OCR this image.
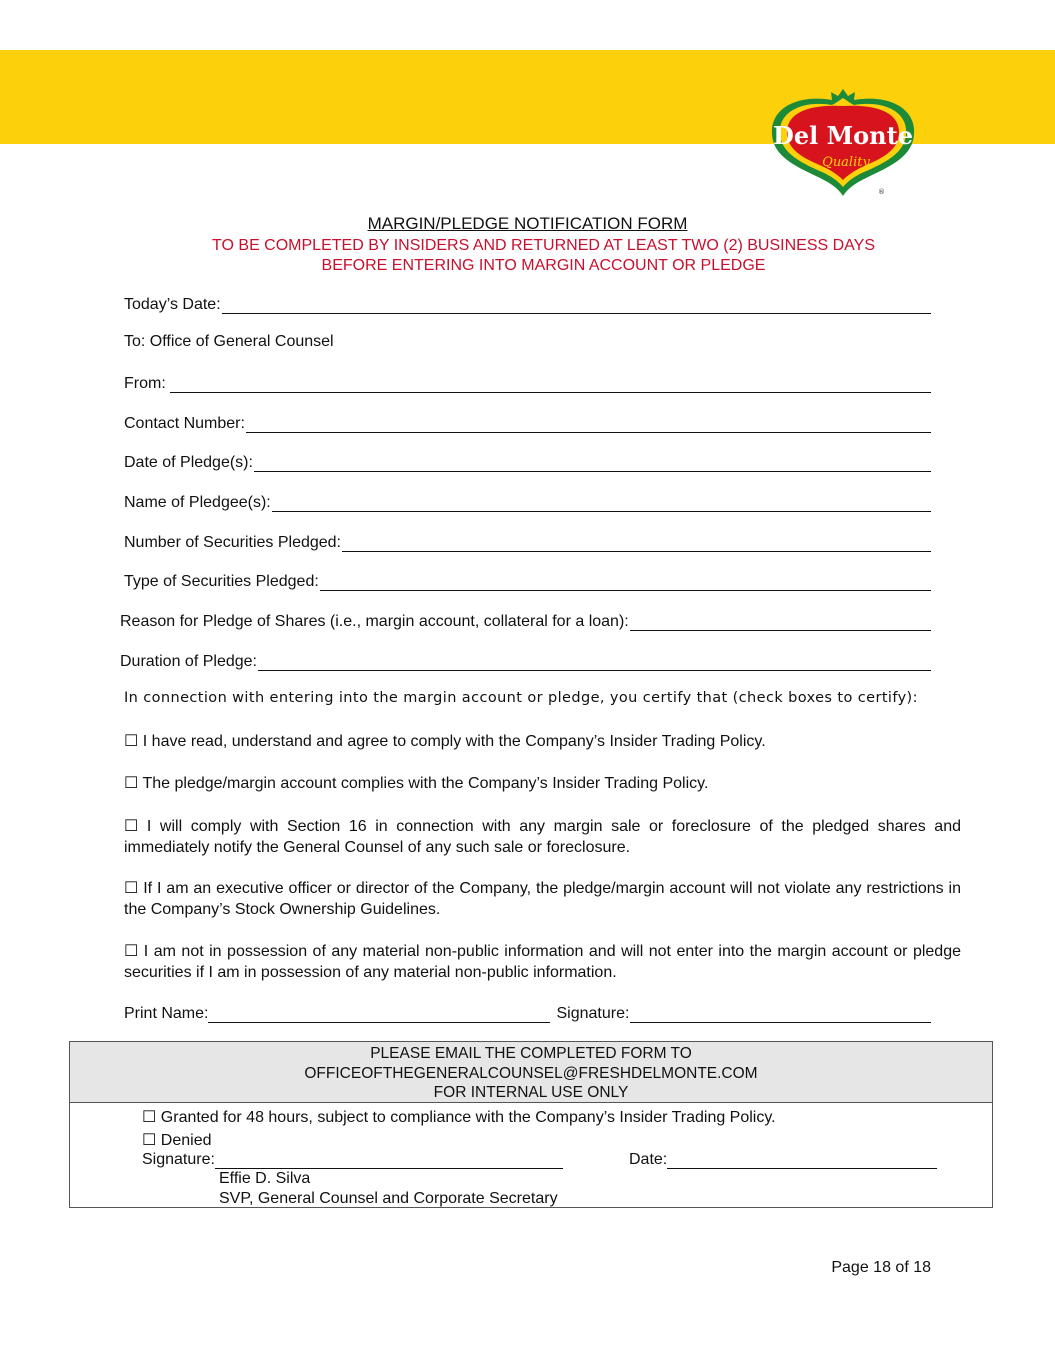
Del Monte
Quality
®
MARGIN/PLEDGE NOTIFICATION FORM
TO BE COMPLETED BY INSIDERS AND RETURNED AT LEAST TWO (2) BUSINESS DAYS
BEFORE ENTERING INTO MARGIN ACCOUNT OR PLEDGE
Today’s Date:
To: Office of General Counsel
From:
Contact Number:
Date of Pledge(s):
Name of Pledgee(s):
Number of Securities Pledged:
Type of Securities Pledged:
Reason for Pledge of Shares (i.e., margin account, collateral for a loan):
Duration of Pledge:
In connection with entering into the margin account or pledge, you certify that (check boxes to certify):
☐ I have read, understand and agree to comply with the Company’s Insider Trading Policy.
☐ The pledge/margin account complies with the Company’s Insider Trading Policy.
☐ I will comply with Section 16 in connection with any margin sale or foreclosure of the pledged shares and immediately notify the General Counsel of any such sale or foreclosure.
☐ If I am an executive officer or director of the Company, the pledge/margin account will not violate any restrictions in the Company’s Stock Ownership Guidelines.
☐ I am not in possession of any material non-public information and will not enter into the margin account or pledge securities if I am in possession of any material non-public information.
Print Name:	Signature:
PLEASE EMAIL THE COMPLETED FORM TO
OFFICEOFTHEGENERALCOUNSEL@FRESHDELMONTE.COM
FOR INTERNAL USE ONLY
☐ Granted for 48 hours, subject to compliance with the Company’s Insider Trading Policy.
☐ Denied
Signature:	Date:
Effie D. Silva
SVP, General Counsel and Corporate Secretary
Page 18 of 18
